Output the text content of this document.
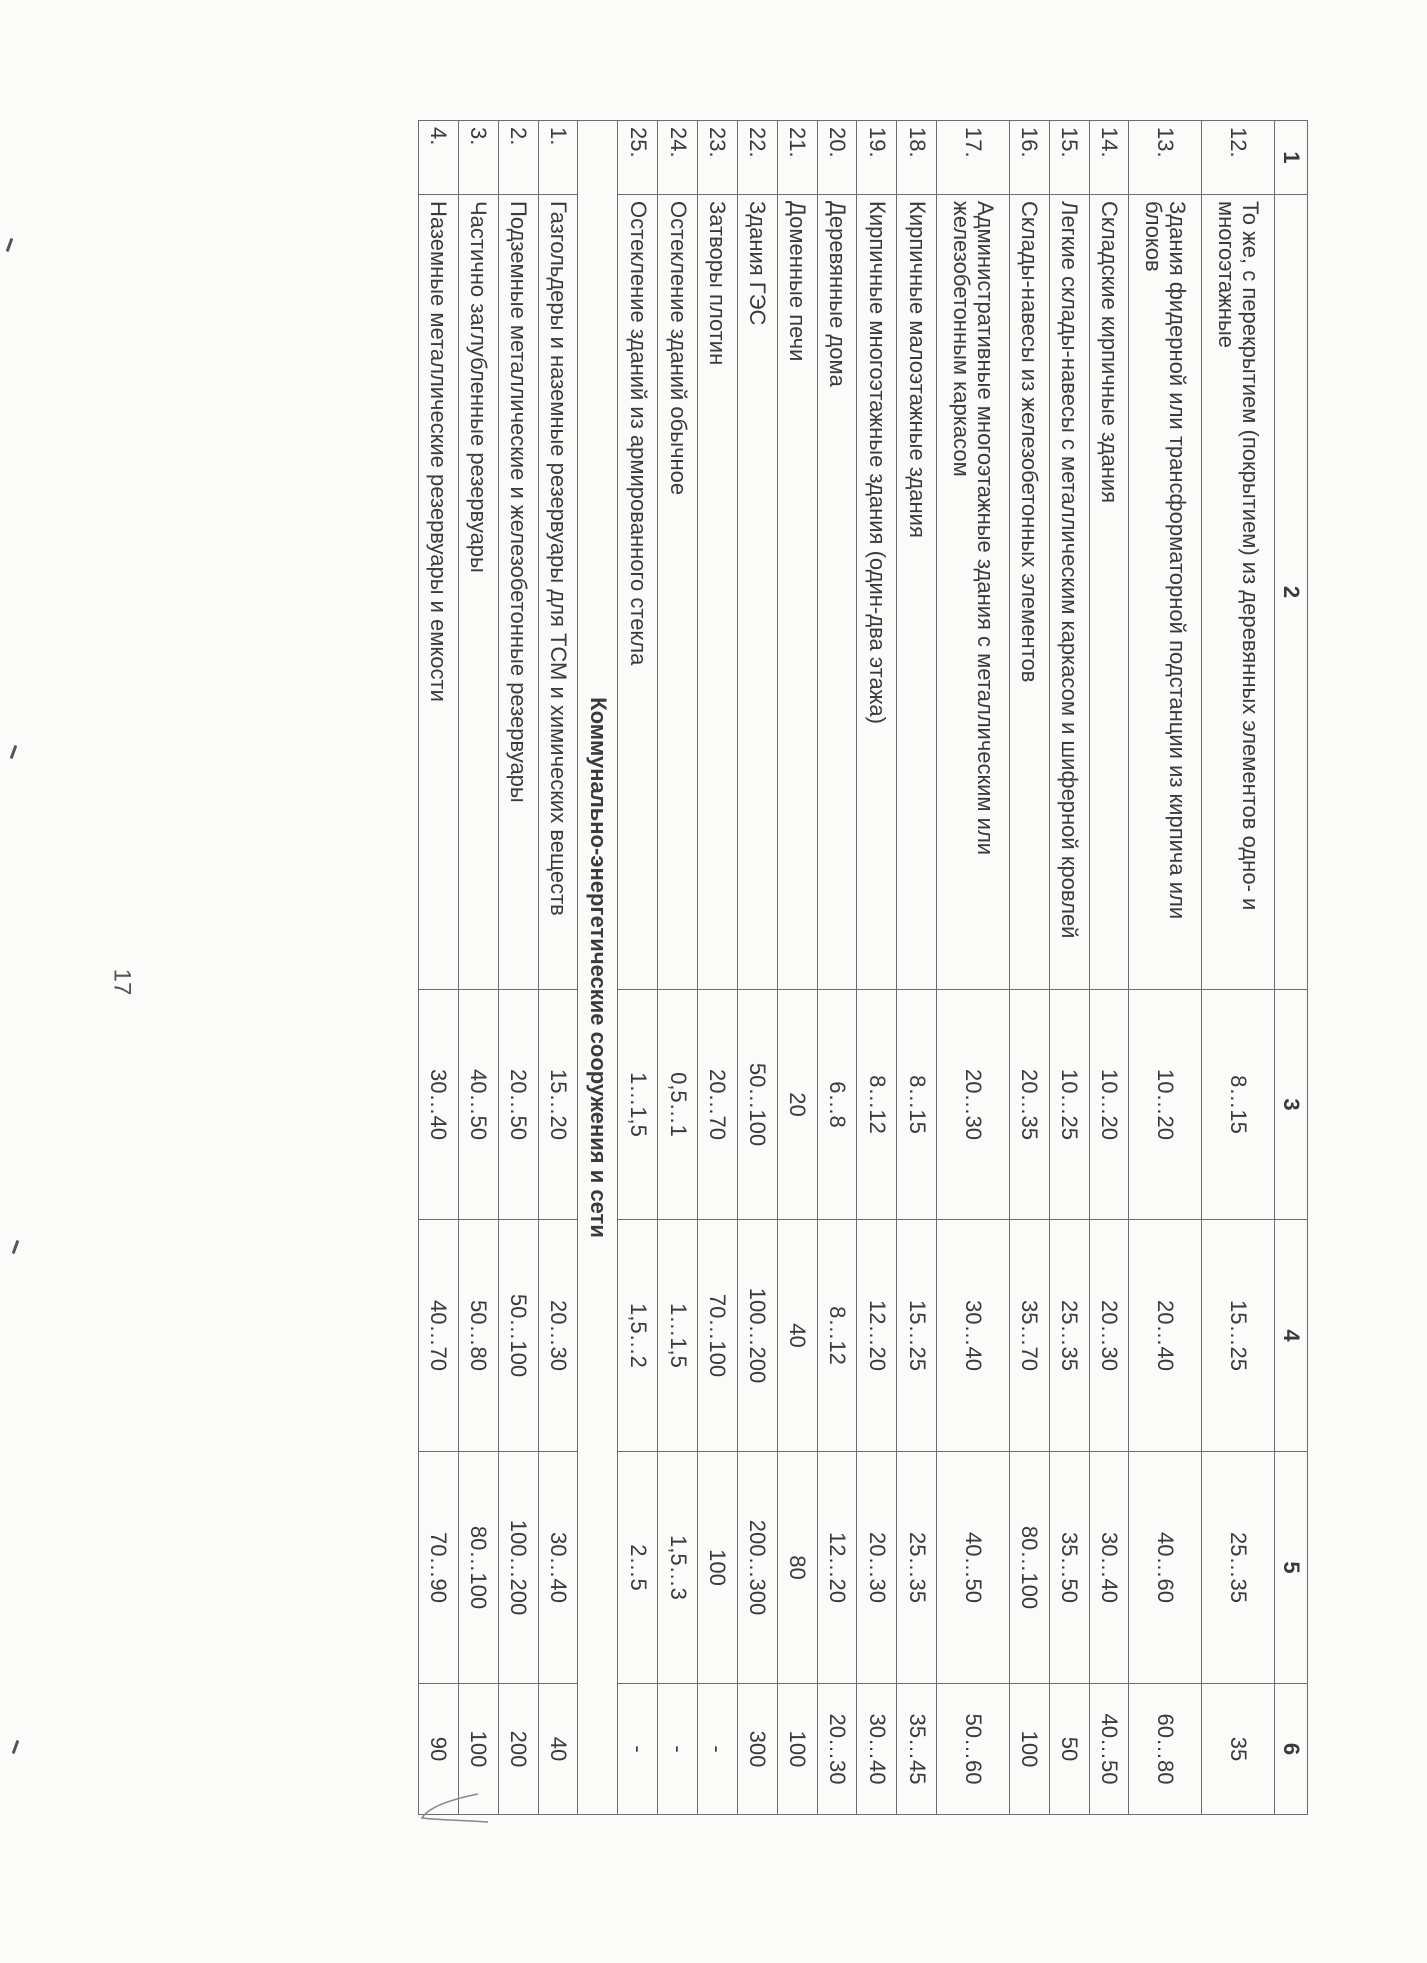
17
1	2	3	4	5	6
12.	То же, с перекрытием (покрытием) из деревянных элементов одно- и многоэтажные	8…15	15…25	25…35	35
13.	Здания фидерной или трансформаторной подстанции из кирпича или блоков	10…20	20…40	40…60	60…80
14.	Складские кирпичные здания	10…20	20…30	30…40	40…50
15.	Легкие склады-навесы с металлическим каркасом и шиферной кровлей	10…25	25…35	35…50	50
16.	Склады-навесы из железобетонных элементов	20…35	35…70	80…100	100
17.	Административные многоэтажные здания с металлическим или железобетонным каркасом	20…30	30…40	40…50	50…60
18.	Кирпичные малоэтажные здания	8…15	15…25	25…35	35…45
19.	Кирпичные многоэтажные здания (один-два этажа)	8…12	12…20	20…30	30…40
20.	Деревянные дома	6…8	8…12	12…20	20…30
21.	Доменные печи	20	40	80	100
22.	Здания ГЭС	50…100	100…200	200…300	300
23.	Затворы плотин	20…70	70…100	100	-
24.	Остекление зданий обычное	0,5…1	1…1,5	1,5…3	-
25.	Остекление зданий из армированного стекла	1…1,5	1,5…2	2…5	-
Коммунально-энергетические сооружения и сети					
1.	Газгольдеры и наземные резервуары для ТСМ и химических веществ	15…20	20…30	30…40	40
2.	Подземные металлические и железобетонные резервуары	20…50	50…100	100…200	200
3.	Частично заглубленные резервуары	40…50	50…80	80…100	100
4.	Наземные металлические резервуары и емкости	30…40	40…70	70…90	90
